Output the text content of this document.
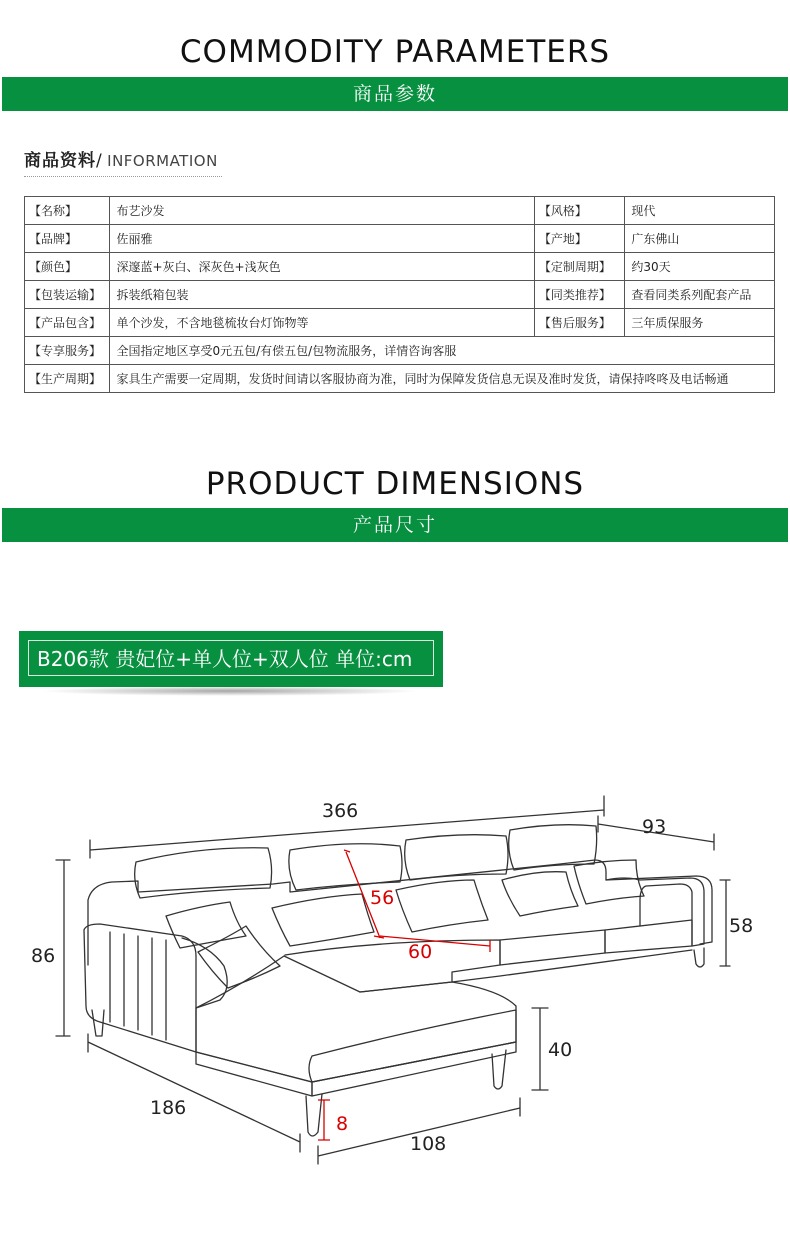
COMMODITY PARAMETERS
商品参数
商品资料/ INFORMATION
【名称】	布艺沙发	【风格】	现代
【品牌】	佐丽雅	【产地】	广东佛山
【颜色】	深邃蓝+灰白、深灰色+浅灰色	【定制周期】	约30天
【包装运输】	拆装纸箱包装	【同类推荐】	查看同类系列配套产品
【产品包含】	单个沙发，不含地毯梳妆台灯饰物等	【售后服务】	三年质保服务
【专享服务】	全国指定地区享受0元五包/有偿五包/包物流服务，详情咨询客服		
【生产周期】	家具生产需要一定周期，发货时间请以客服协商为准，同时为保障发货信息无误及准时发货，请保持咚咚及电话畅通		
PRODUCT DIMENSIONS
产品尺寸
B206款 贵妃位+单人位+双人位 单位:cm
366
93
58
86
56
60
40
186
8
108
